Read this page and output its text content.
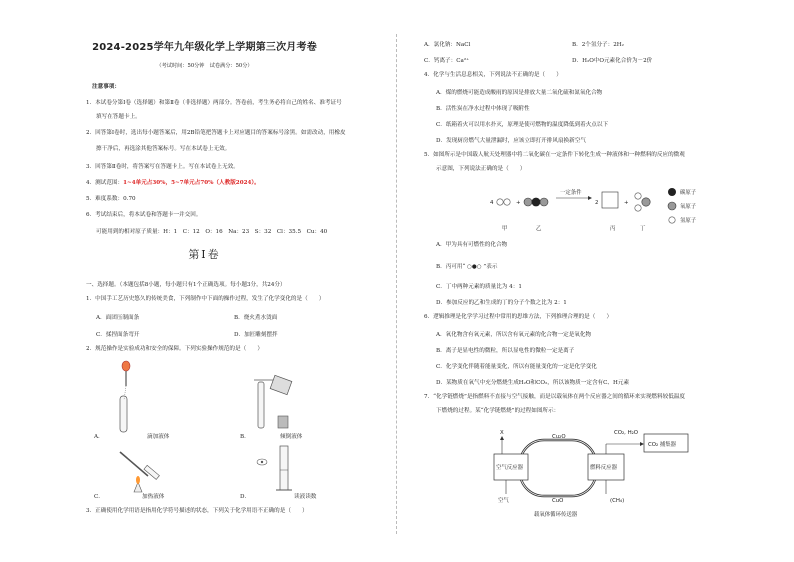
2024-2025学年九年级化学上学期第三次月考卷
（考试时间：50分钟　试卷满分：50分）
注意事项：
1．本试卷分第Ⅰ卷（选择题）和第Ⅱ卷（非选择题）两部分。答卷前，考生务必将自己的姓名、准考证号
填写在答题卡上。
2．回答第Ⅰ卷时，选出每小题答案后，用2B铅笔把答题卡上对应题目的答案标号涂黑。如需改动，用橡皮
擦干净后，再选涂其他答案标号。写在本试卷上无效。
3．回答第Ⅱ卷时，将答案写在答题卡上。写在本试卷上无效。
4．测试范围：1~4单元占30%，5~7单元占70%（人教版2024）。
5．难度系数：0.70
6．考试结束后，将本试卷和答题卡一并交回。
可能用到的相对原子质量：H：1　C：12　O：16　Na：23　S：32　Cl：35.5　Cu：40
第Ⅰ卷
一、选择题。（本题包括8小题，每小题只有1个正确选项。每小题3分，共24分）
1．中国手工艺历史悠久的传统美食，下列制作中下面的操作过程，发生了化学变化的是（　　）
A．面团压制面条	B．烧火煮水烫面
C．揉捏面条弯开	D．加匠雕刻摆拌
2．规范操作是实验成功和安全的保障。下列实验操作规范的是（　　）
A．	滴加液体	B．	倾倒液体
C．	加热液体	D．	读液读数
3．正确使用化学用语是指用化学符号描述的状态，下列关于化学用语不正确的是（　　）
A．氯化钠：NaCl	B．2个氢分子：2H₂
C．钙离子：Ca²⁺	D．H₂O中O元素化合价为－2价
4．化学与生活息息相关，下列说法不正确的是（　　）
A．煤的燃烧可能造成酸雨的原因是排放大量二氧化硫和氮氧化合物
B．活性炭在净水过程中体现了吸附性
C．纸箱着火可以用水扑灭，原理是使可燃物的温度降低到着火点以下
D．发现厨房燃气大量泄漏时，应该立即打开排风扇换新空气
5．如图所示是中国载人航天处理器中将二氧化碳在一定条件下转化生成一种液体和一种燃料的反应的微观
示意图，下列说法正确的是（　　）
4	+
一定条件
2	+
甲	乙	丙	丁
碳原子
氧原子
氢原子
A．甲为具有可燃性的化合物
B．丙可用“ ○●○ ”表示
C．丁中两种元素的质量比为 4：1
D．参加反应的乙和生成的丁的分子个数之比为 2：1
6．逻辑推理是化学学习过程中常用的思维方法，下列推理合理的是（　　）
A．氧化物含有氧元素，所以含有氧元素的化合物一定是氧化物
B．离子是显电性的微粒，所以显电性的微粒一定是离子
C．化学变化伴随着能量变化，所以有能量变化的一定是化学变化
D．某物质在氧气中充分燃烧生成H₂O和CO₂，所以该物质一定含有C、H元素
7．“化学链燃烧”是指燃料不直接与空气接触，而是以载氧体在两个反应器之间的循环来实现燃料较低温度
下燃烧的过程。某“化学链燃烧”的过程如图所示：
X
Cu₂O
CuO
空气反应器	燃料反应器
CO₂, H₂O
CO₂ 捕集器
空气	(CH₄)
载氧体循环传送器
